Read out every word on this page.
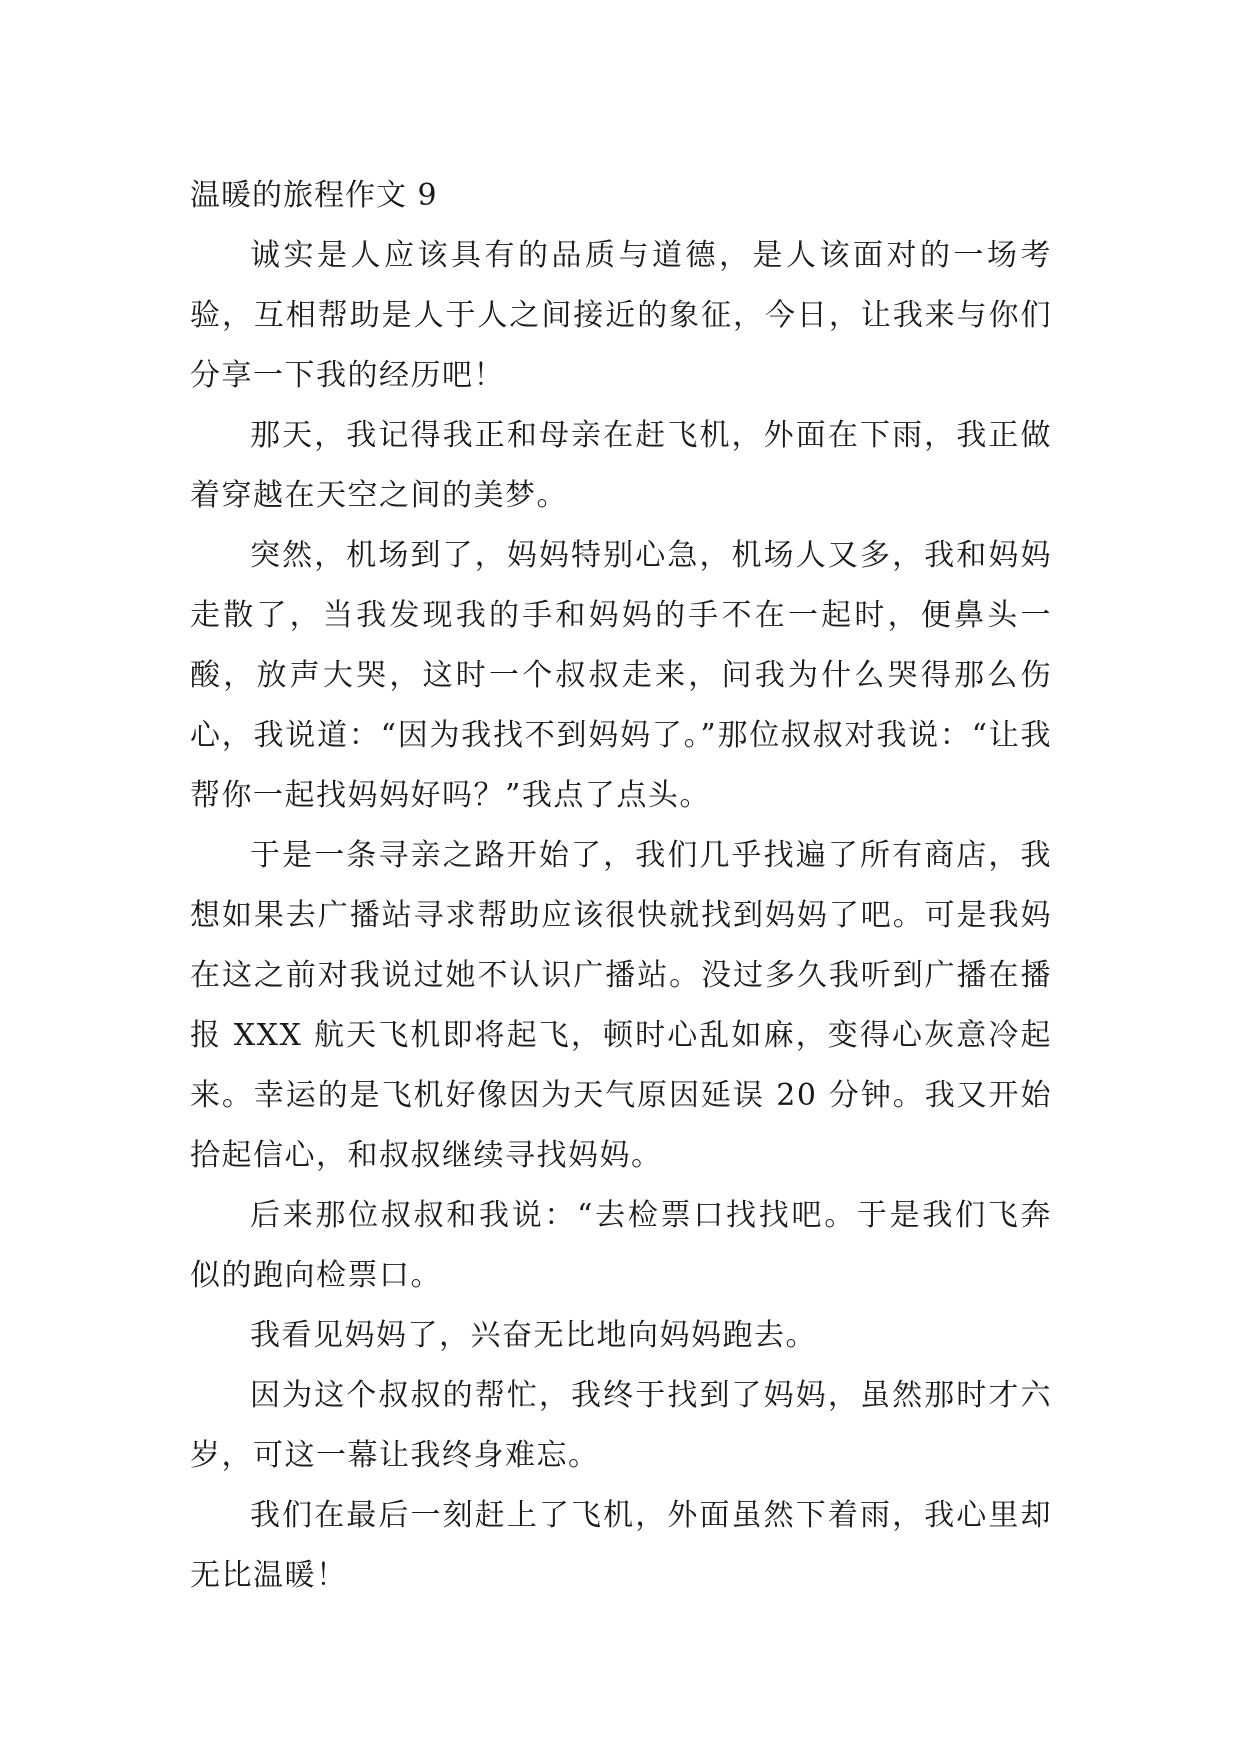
温暖的旅程作文 9

诚实是人应该具有的品质与道德，是人该面对的一场考验，互相帮助是人于人之间接近的象征，今日，让我来与你们分享一下我的经历吧！

那天，我记得我正和母亲在赶飞机，外面在下雨，我正做着穿越在天空之间的美梦。

突然，机场到了，妈妈特别心急，机场人又多，我和妈妈走散了，当我发现我的手和妈妈的手不在一起时，便鼻头一酸，放声大哭，这时一个叔叔走来，问我为什么哭得那么伤心，我说道：“因为我找不到妈妈了。”那位叔叔对我说：“让我帮你一起找妈妈好吗？”我点了点头。

于是一条寻亲之路开始了，我们几乎找遍了所有商店，我想如果去广播站寻求帮助应该很快就找到妈妈了吧。可是我妈在这之前对我说过她不认识广播站。没过多久我听到广播在播报 XXX 航天飞机即将起飞，顿时心乱如麻，变得心灰意冷起来。幸运的是飞机好像因为天气原因延误 20 分钟。我又开始拾起信心，和叔叔继续寻找妈妈。

后来那位叔叔和我说：“去检票口找找吧。于是我们飞奔似的跑向检票口。

我看见妈妈了，兴奋无比地向妈妈跑去。

因为这个叔叔的帮忙，我终于找到了妈妈，虽然那时才六岁，可这一幕让我终身难忘。

我们在最后一刻赶上了飞机，外面虽然下着雨，我心里却无比温暖！
